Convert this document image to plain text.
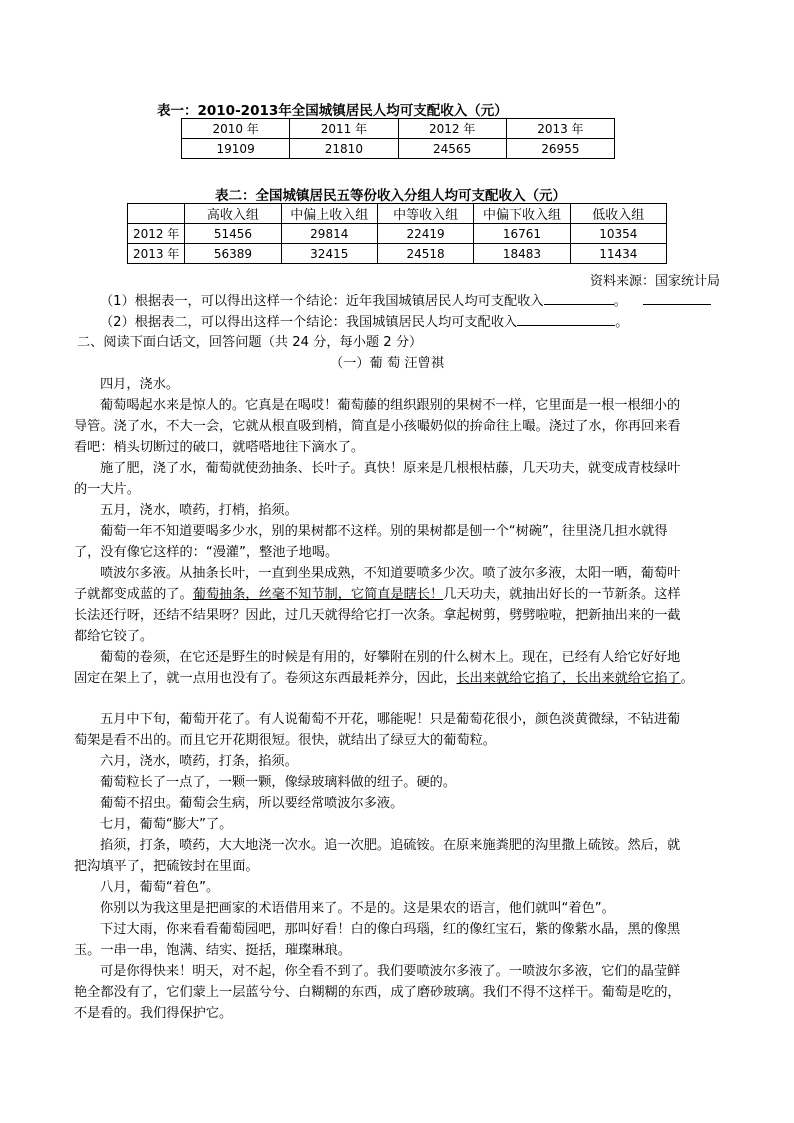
表一：2010-2013年全国城镇居民人均可支配收入（元）
2010 年	2011 年	2012 年	2013 年
19109	21810	24565	26955
表二：全国城镇居民五等份收入分组人均可支配收入（元）
	高收入组	中偏上收入组	中等收入组	中偏下收入组	低收入组
2012 年	51456	29814	22419	16761	10354
2013 年	56389	32415	24518	18483	11434
资料来源：国家统计局
（1）根据表一，可以得出这样一个结论：近年我国城镇居民人均可支配收入	。
（2）根据表二，可以得出这样一个结论：我国城镇居民人均可支配收入	。
二、阅读下面白话文，回答问题（共 24 分，每小题 2 分）
（一）葡 萄 汪曾祺
四月，浇水。
葡萄喝起水来是惊人的。它真是在喝哎！葡萄藤的组织跟别的果树不一样，它里面是一根一根细小的
导管。浇了水，不大一会，它就从根直吸到梢，简直是小孩嘬奶似的拚命往上嘬。浇过了水，你再回来看
看吧：梢头切断过的破口，就嗒嗒地往下滴水了。
施了肥，浇了水，葡萄就使劲抽条、长叶子。真快！原来是几根根枯藤，几天功夫，就变成青枝绿叶
的一大片。
五月，浇水，喷药，打梢，掐须。
葡萄一年不知道要喝多少水，别的果树都不这样。别的果树都是刨一个“树碗”，往里浇几担水就得
了，没有像它这样的：“漫灌”，整池子地喝。
喷波尔多液。从抽条长叶，一直到坐果成熟，不知道要喷多少次。喷了波尔多液，太阳一晒，葡萄叶
子就都变成蓝的了。葡萄抽条，丝毫不知节制，它简直是瞎长！几天功夫，就抽出好长的一节新条。这样
长法还行呀，还结不结果呀？因此，过几天就得给它打一次条。拿起树剪，劈劈啦啦，把新抽出来的一截
都给它铰了。
葡萄的卷须，在它还是野生的时候是有用的，好攀附在别的什么树木上。现在，已经有人给它好好地
固定在架上了，就一点用也没有了。卷须这东西最耗养分，因此，长出来就给它掐了，长出来就给它掐了。
五月中下旬，葡萄开花了。有人说葡萄不开花，哪能呢！只是葡萄花很小，颜色淡黄微绿，不钻进葡
萄架是看不出的。而且它开花期很短。很快，就结出了绿豆大的葡萄粒。
六月，浇水，喷药，打条，掐须。
葡萄粒长了一点了，一颗一颗，像绿玻璃料做的纽子。硬的。
葡萄不招虫。葡萄会生病，所以要经常喷波尔多液。
七月，葡萄“膨大”了。
掐须，打条，喷药，大大地浇一次水。追一次肥。追硫铵。在原来施粪肥的沟里撒上硫铵。然后，就
把沟填平了，把硫铵封在里面。
八月，葡萄“着色”。
你别以为我这里是把画家的术语借用来了。不是的。这是果农的语言，他们就叫“着色”。
下过大雨，你来看看葡萄园吧，那叫好看！白的像白玛瑙，红的像红宝石，紫的像紫水晶，黑的像黑
玉。一串一串，饱满、结实、挺括，璀璨琳琅。
可是你得快来！明天，对不起，你全看不到了。我们要喷波尔多液了。一喷波尔多液，它们的晶莹鲜
艳全都没有了，它们蒙上一层蓝兮兮、白糊糊的东西，成了磨砂玻璃。我们不得不这样干。葡萄是吃的，
不是看的。我们得保护它。
